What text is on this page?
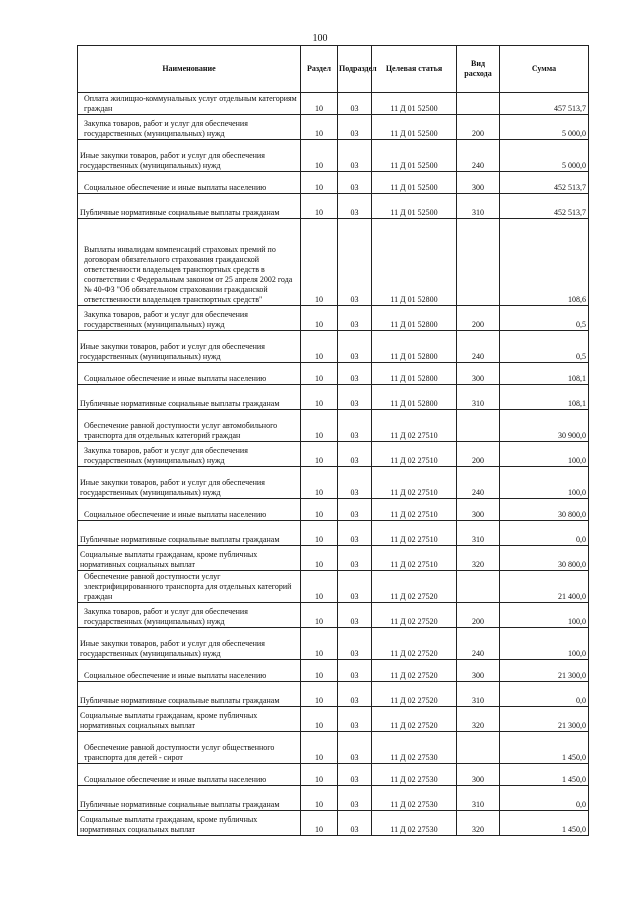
100
Наименование	Раздел	Подраздел	Целевая статья	Вид расхода	Сумма
Оплата жилищно-коммунальных услуг отдельным категориям граждан	10	03	11 Д 01 52500		457 513,7
Закупка товаров, работ и услуг для обеспечения государственных (муниципальных) нужд	10	03	11 Д 01 52500	200	5 000,0
Иные закупки товаров, работ и услуг для обеспечения государственных (муниципальных) нужд	10	03	11 Д 01 52500	240	5 000,0
Социальное обеспечение и иные выплаты населению	10	03	11 Д 01 52500	300	452 513,7
Публичные нормативные социальные выплаты гражданам	10	03	11 Д 01 52500	310	452 513,7
Выплаты инвалидам компенсаций страховых премий по договорам обязательного страхования гражданской ответственности владельцев транспортных средств в соответствии с Федеральным законом от 25 апреля 2002 года № 40-ФЗ "Об обязательном страховании гражданской ответственности владельцев транспортных средств"	10	03	11 Д 01 52800		108,6
Закупка товаров, работ и услуг для обеспечения государственных (муниципальных) нужд	10	03	11 Д 01 52800	200	0,5
Иные закупки товаров, работ и услуг для обеспечения государственных (муниципальных) нужд	10	03	11 Д 01 52800	240	0,5
Социальное обеспечение и иные выплаты населению	10	03	11 Д 01 52800	300	108,1
Публичные нормативные социальные выплаты гражданам	10	03	11 Д 01 52800	310	108,1
Обеспечение равной доступности услуг автомобильного транспорта для отдельных категорий граждан	10	03	11 Д 02 27510		30 900,0
Закупка товаров, работ и услуг для обеспечения государственных (муниципальных) нужд	10	03	11 Д 02 27510	200	100,0
Иные закупки товаров, работ и услуг для обеспечения государственных (муниципальных) нужд	10	03	11 Д 02 27510	240	100,0
Социальное обеспечение и иные выплаты населению	10	03	11 Д 02 27510	300	30 800,0
Публичные нормативные социальные выплаты гражданам	10	03	11 Д 02 27510	310	0,0
Социальные выплаты гражданам, кроме публичных нормативных социальных выплат	10	03	11 Д 02 27510	320	30 800,0
Обеспечение равной доступности услуг электрифицированного транспорта для отдельных категорий граждан	10	03	11 Д 02 27520		21 400,0
Закупка товаров, работ и услуг для обеспечения государственных (муниципальных) нужд	10	03	11 Д 02 27520	200	100,0
Иные закупки товаров, работ и услуг для обеспечения государственных (муниципальных) нужд	10	03	11 Д 02 27520	240	100,0
Социальное обеспечение и иные выплаты населению	10	03	11 Д 02 27520	300	21 300,0
Публичные нормативные социальные выплаты гражданам	10	03	11 Д 02 27520	310	0,0
Социальные выплаты гражданам, кроме публичных нормативных социальных выплат	10	03	11 Д 02 27520	320	21 300,0
Обеспечение равной доступности услуг общественного транспорта для детей - сирот	10	03	11 Д 02 27530		1 450,0
Социальное обеспечение и иные выплаты населению	10	03	11 Д 02 27530	300	1 450,0
Публичные нормативные социальные выплаты гражданам	10	03	11 Д 02 27530	310	0,0
Социальные выплаты гражданам, кроме публичных нормативных социальных выплат	10	03	11 Д 02 27530	320	1 450,0
